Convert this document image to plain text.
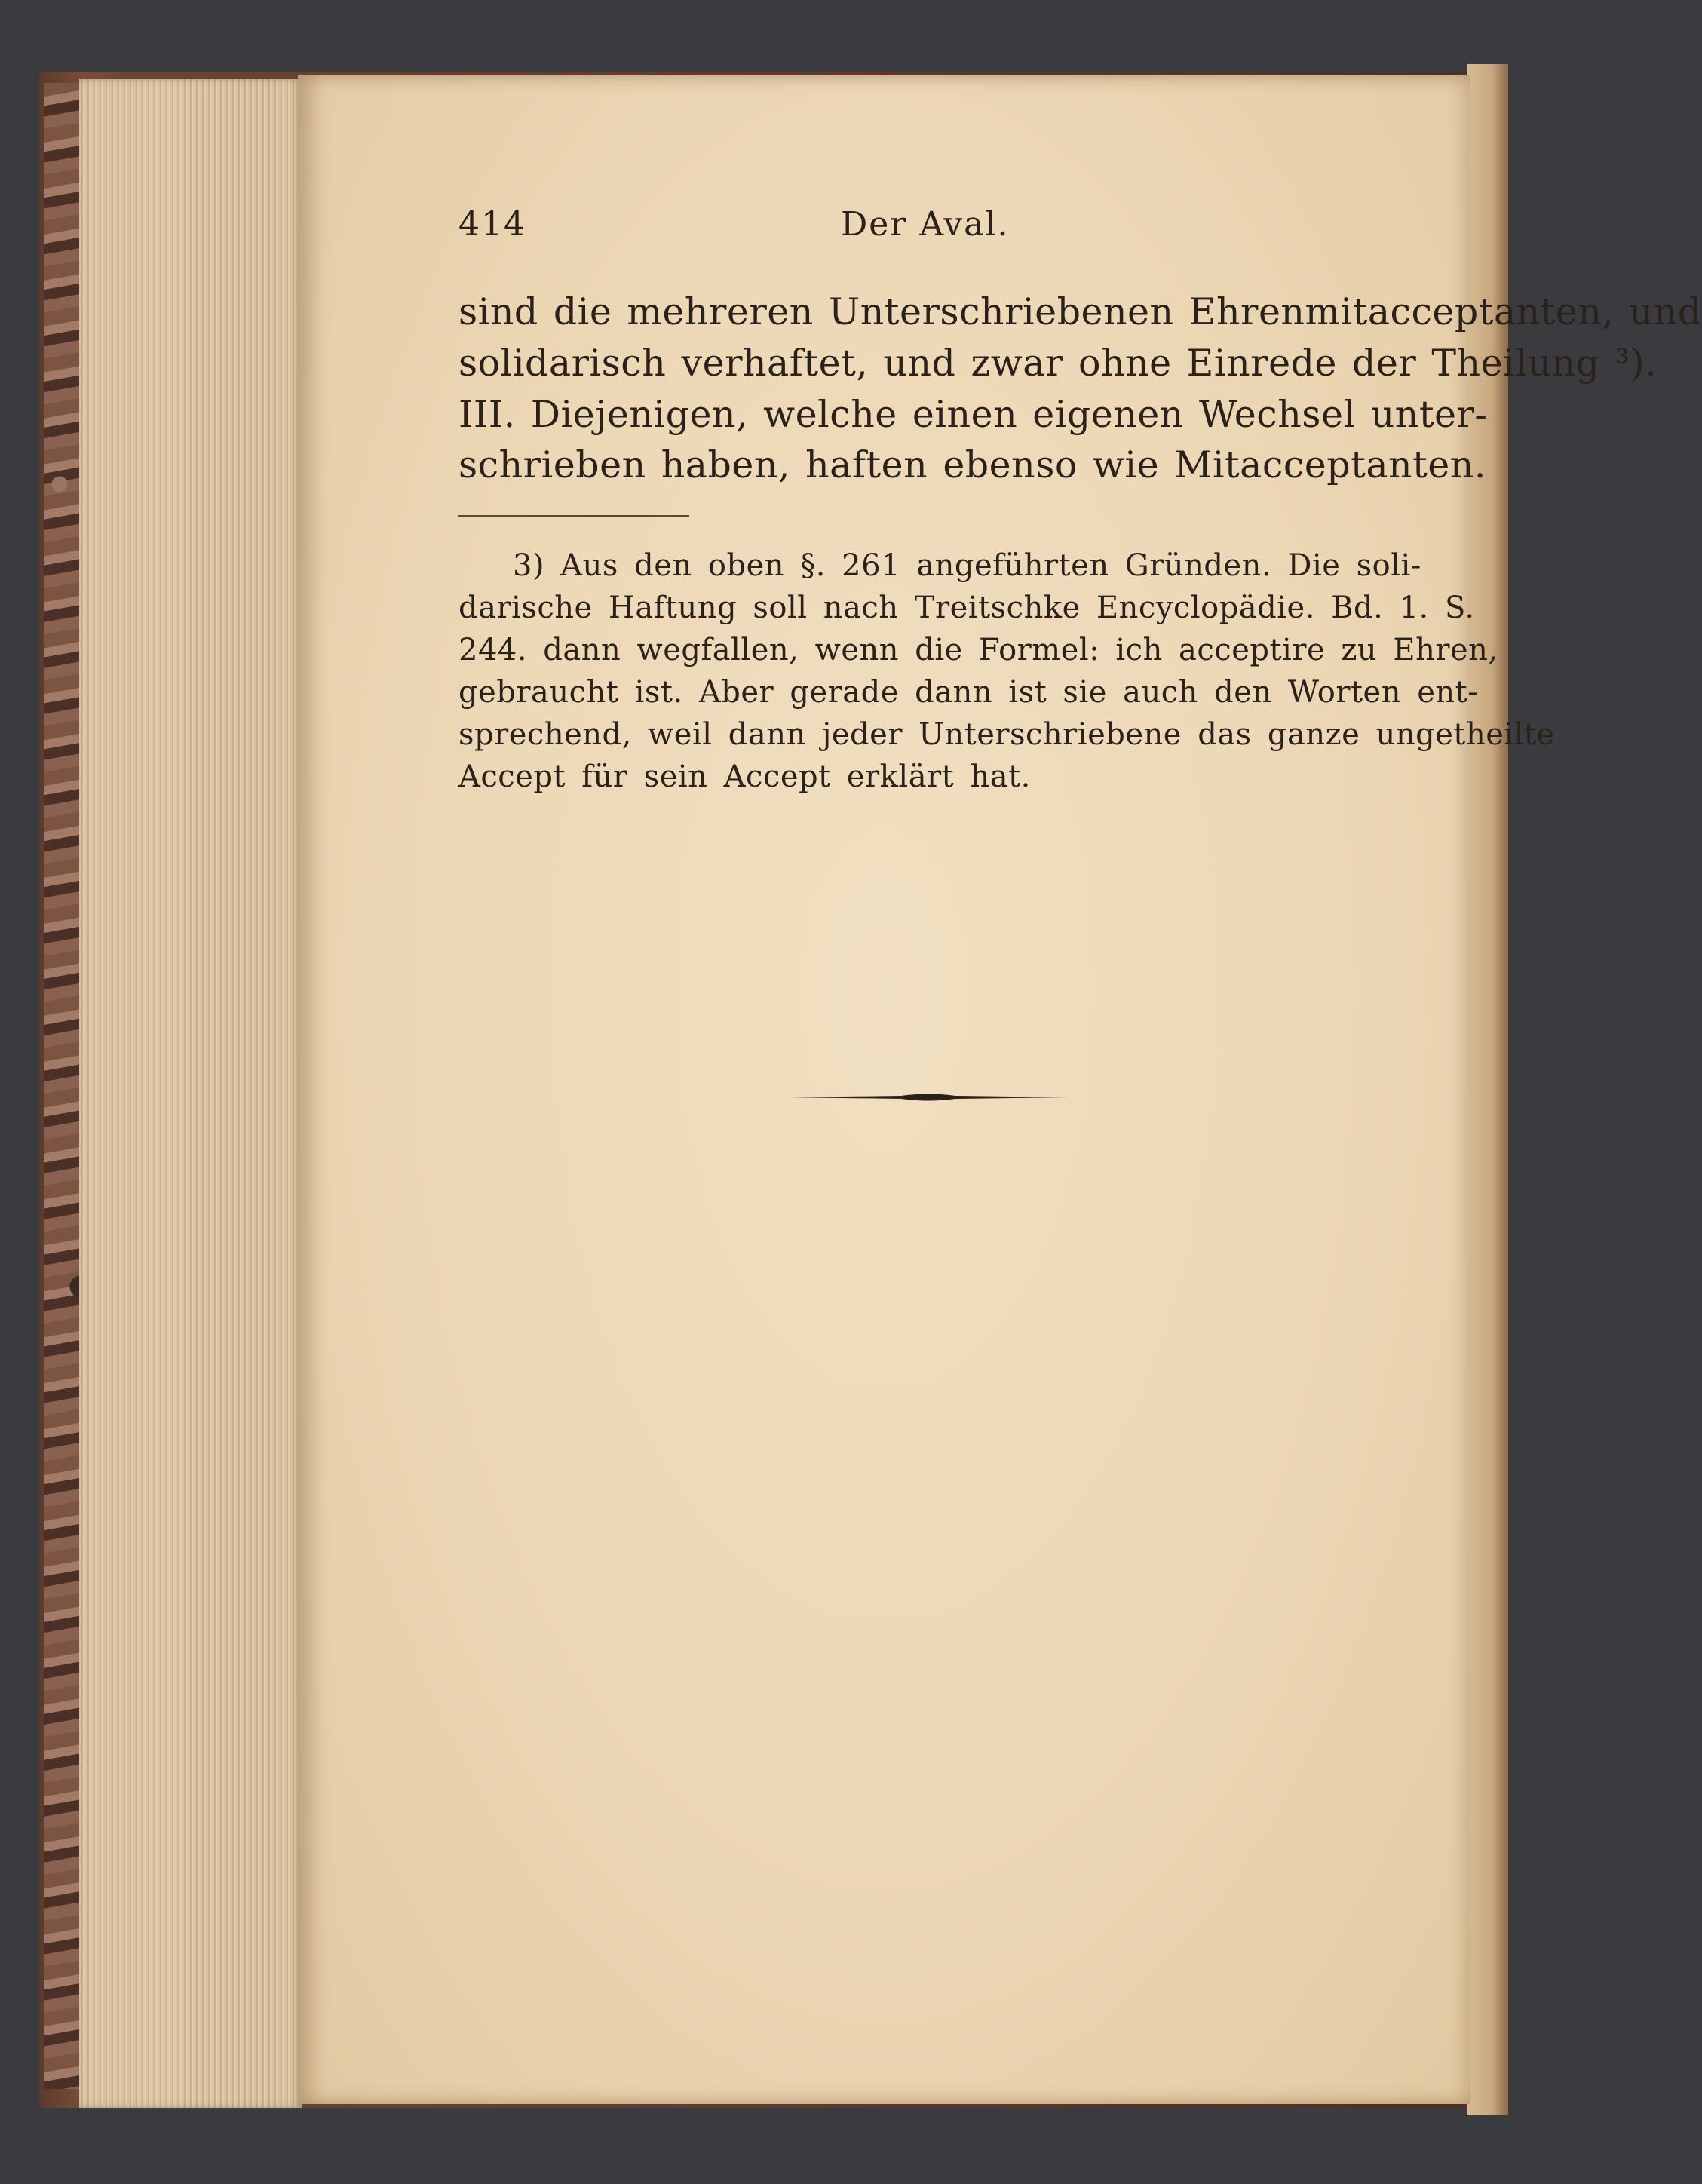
414	Der Aval.
sind die mehreren Unterschriebenen Ehrenmitacceptanten, und
solidarisch verhaftet, und zwar ohne Einrede der Theilung ³).
III. Diejenigen, welche einen eigenen Wechsel unter-
schrieben haben, haften ebenso wie Mitacceptanten.
3) Aus den oben §. 261 angeführten Gründen. Die soli-
darische Haftung soll nach Treitschke Encyclopädie. Bd. 1. S.
244. dann wegfallen, wenn die Formel: ich acceptire zu Ehren,
gebraucht ist. Aber gerade dann ist sie auch den Worten ent-
sprechend, weil dann jeder Unterschriebene das ganze ungetheilte
Accept für sein Accept erklärt hat.
